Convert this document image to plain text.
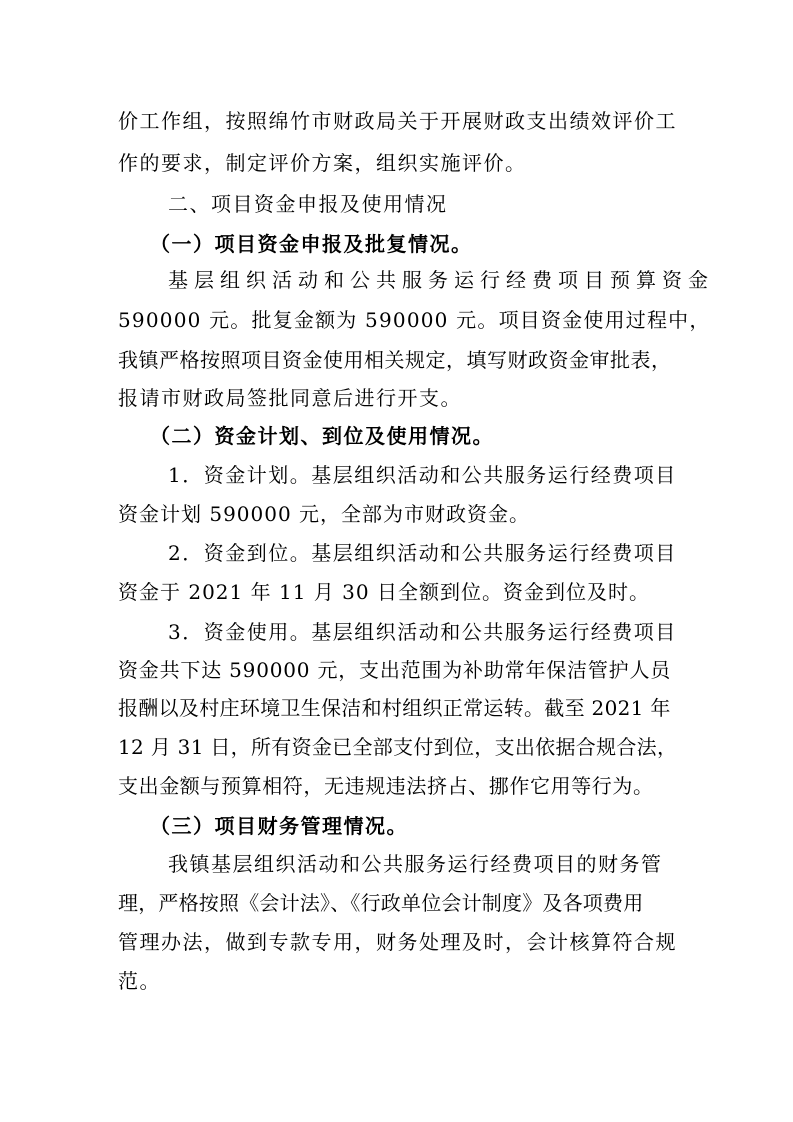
价工作组，按照绵竹市财政局关于开展财政支出绩效评价工
作的要求，制定评价方案，组织实施评价。
二、项目资金申报及使用情况
（一）项目资金申报及批复情况。
基层组织活动和公共服务运行经费项目预算资金
590000 元。批复金额为 590000 元。项目资金使用过程中，
我镇严格按照项目资金使用相关规定，填写财政资金审批表，
报请市财政局签批同意后进行开支。
（二）资金计划、到位及使用情况。
1．资金计划。基层组织活动和公共服务运行经费项目
资金计划 590000 元，全部为市财政资金。
2．资金到位。基层组织活动和公共服务运行经费项目
资金于 2021 年 11 月 30 日全额到位。资金到位及时。
3．资金使用。基层组织活动和公共服务运行经费项目
资金共下达 590000 元，支出范围为补助常年保洁管护人员
报酬以及村庄环境卫生保洁和村组织正常运转。截至 2021 年
12 月 31 日，所有资金已全部支付到位，支出依据合规合法，
支出金额与预算相符，无违规违法挤占、挪作它用等行为。
（三）项目财务管理情况。
我镇基层组织活动和公共服务运行经费项目的财务管
理，严格按照《会计法》、《行政单位会计制度》及各项费用
管理办法，做到专款专用，财务处理及时，会计核算符合规
范。
